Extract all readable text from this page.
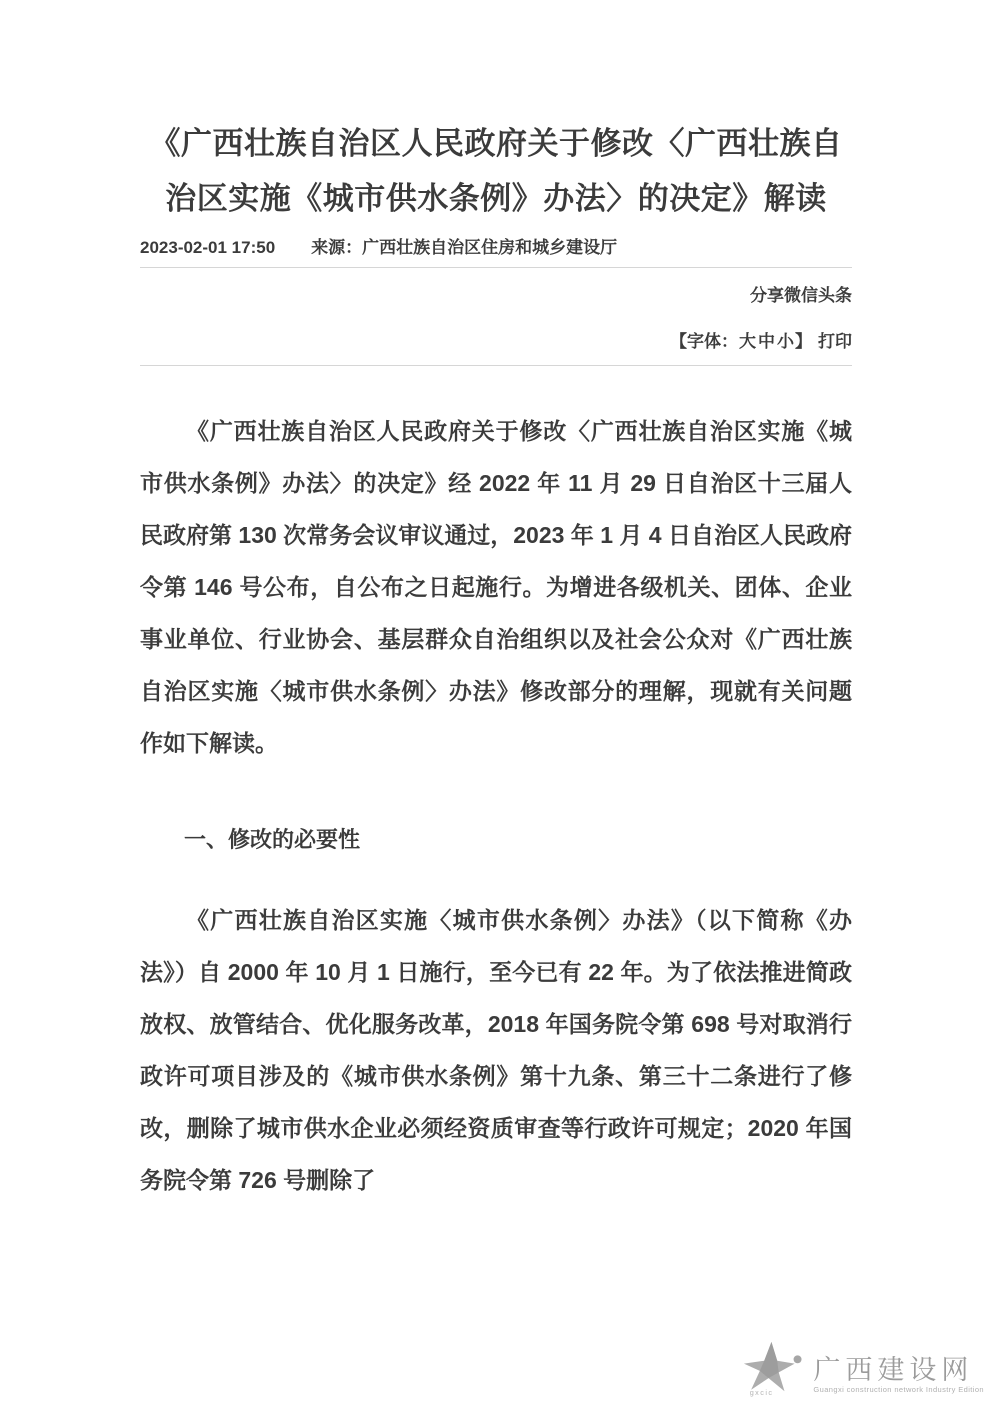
《广西壮族自治区人民政府关于修改〈广西壮族自治区实施《城市供水条例》办法〉的决定》解读
2023-02-01 17:50 来源：广西壮族自治区住房和城乡建设厅
分享微信头条
【字体：大 中 小】 打印

《广西壮族自治区人民政府关于修改〈广西壮族自治区实施《城市供水条例》办法〉的决定》经 2022 年 11 月 29 日自治区十三届人民政府第 130 次常务会议审议通过，2023 年 1 月 4 日自治区人民政府令第 146 号公布，自公布之日起施行。为增进各级机关、团体、企业事业单位、行业协会、基层群众自治组织以及社会公众对《广西壮族自治区实施〈城市供水条例〉办法》修改部分的理解，现就有关问题作如下解读。

一、修改的必要性

《广西壮族自治区实施〈城市供水条例〉办法》（以下简称《办法》）自 2000 年 10 月 1 日施行，至今已有 22 年。为了依法推进简政放权、放管结合、优化服务改革，2018 年国务院令第 698 号对取消行政许可项目涉及的《城市供水条例》第十九条、第三十二条进行了修改，删除了城市供水企业必须经资质审查等行政许可规定；2020 年国务院令第 726 号删除了

gxcic
广西建设网
Guangxi construction network Industry Edition
